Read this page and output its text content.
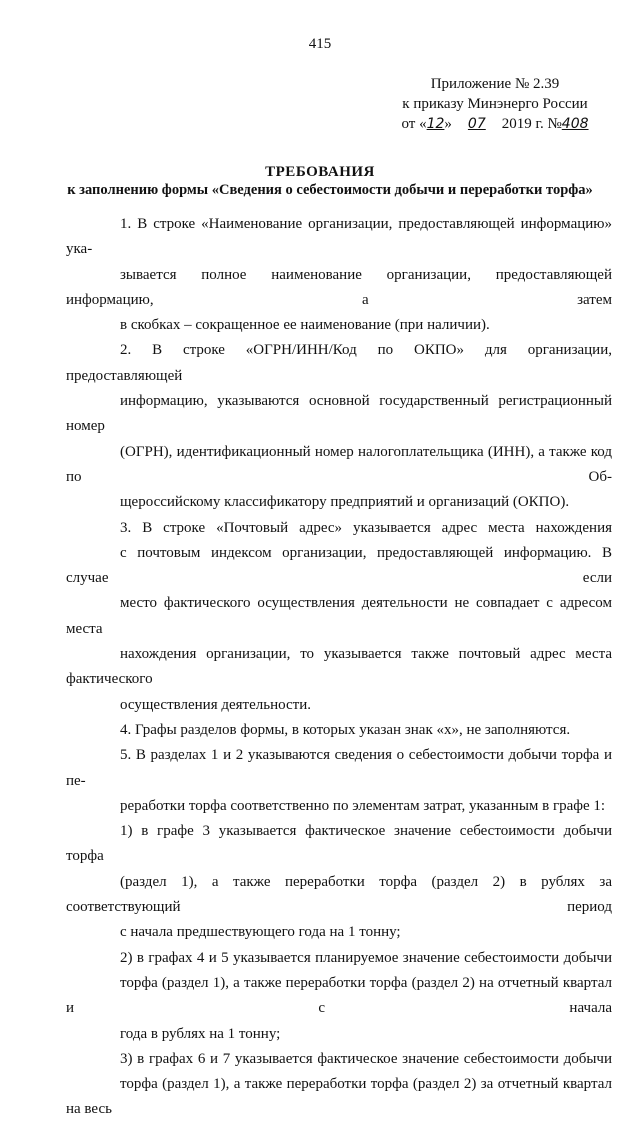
415
Приложение № 2.39
к приказу Минэнерго России
от «12» 07 2019 г. №408
ТРЕБОВАНИЯ
к заполнению формы «Сведения о себестоимости добычи и переработки торфа»

1. В строке «Наименование организации, предоставляющей информацию» ука-
зывается полное наименование организации, предоставляющей информацию, а затем
в скобках – сокращенное ее наименование (при наличии).

2. В строке «ОГРН/ИНН/Код по ОКПО» для организации, предоставляющей
информацию, указываются основной государственный регистрационный номер
(ОГРН), идентификационный номер налогоплательщика (ИНН), а также код по Об-
щероссийскому классификатору предприятий и организаций (ОКПО).

3. В строке «Почтовый адрес» указывается адрес места нахождения
с почтовым индексом организации, предоставляющей информацию. В случае если
место фактического осуществления деятельности не совпадает с адресом места
нахождения организации, то указывается также почтовый адрес места фактического
осуществления деятельности.

4. Графы разделов формы, в которых указан знак «х», не заполняются.

5. В разделах 1 и 2 указываются сведения о себестоимости добычи торфа и пе-
реработки торфа соответственно по элементам затрат, указанным в графе 1:

1) в графе 3 указывается фактическое значение себестоимости добычи торфа
(раздел 1), а также переработки торфа (раздел 2) в рублях за соответствующий период
с начала предшествующего года на 1 тонну;

2) в графах 4 и 5 указывается планируемое значение себестоимости добычи
торфа (раздел 1), а также переработки торфа (раздел 2) на отчетный квартал и с начала
года в рублях на 1 тонну;

3) в графах 6 и 7 указывается фактическое значение себестоимости добычи
торфа (раздел 1), а также переработки торфа (раздел 2) за отчетный квартал на весь
